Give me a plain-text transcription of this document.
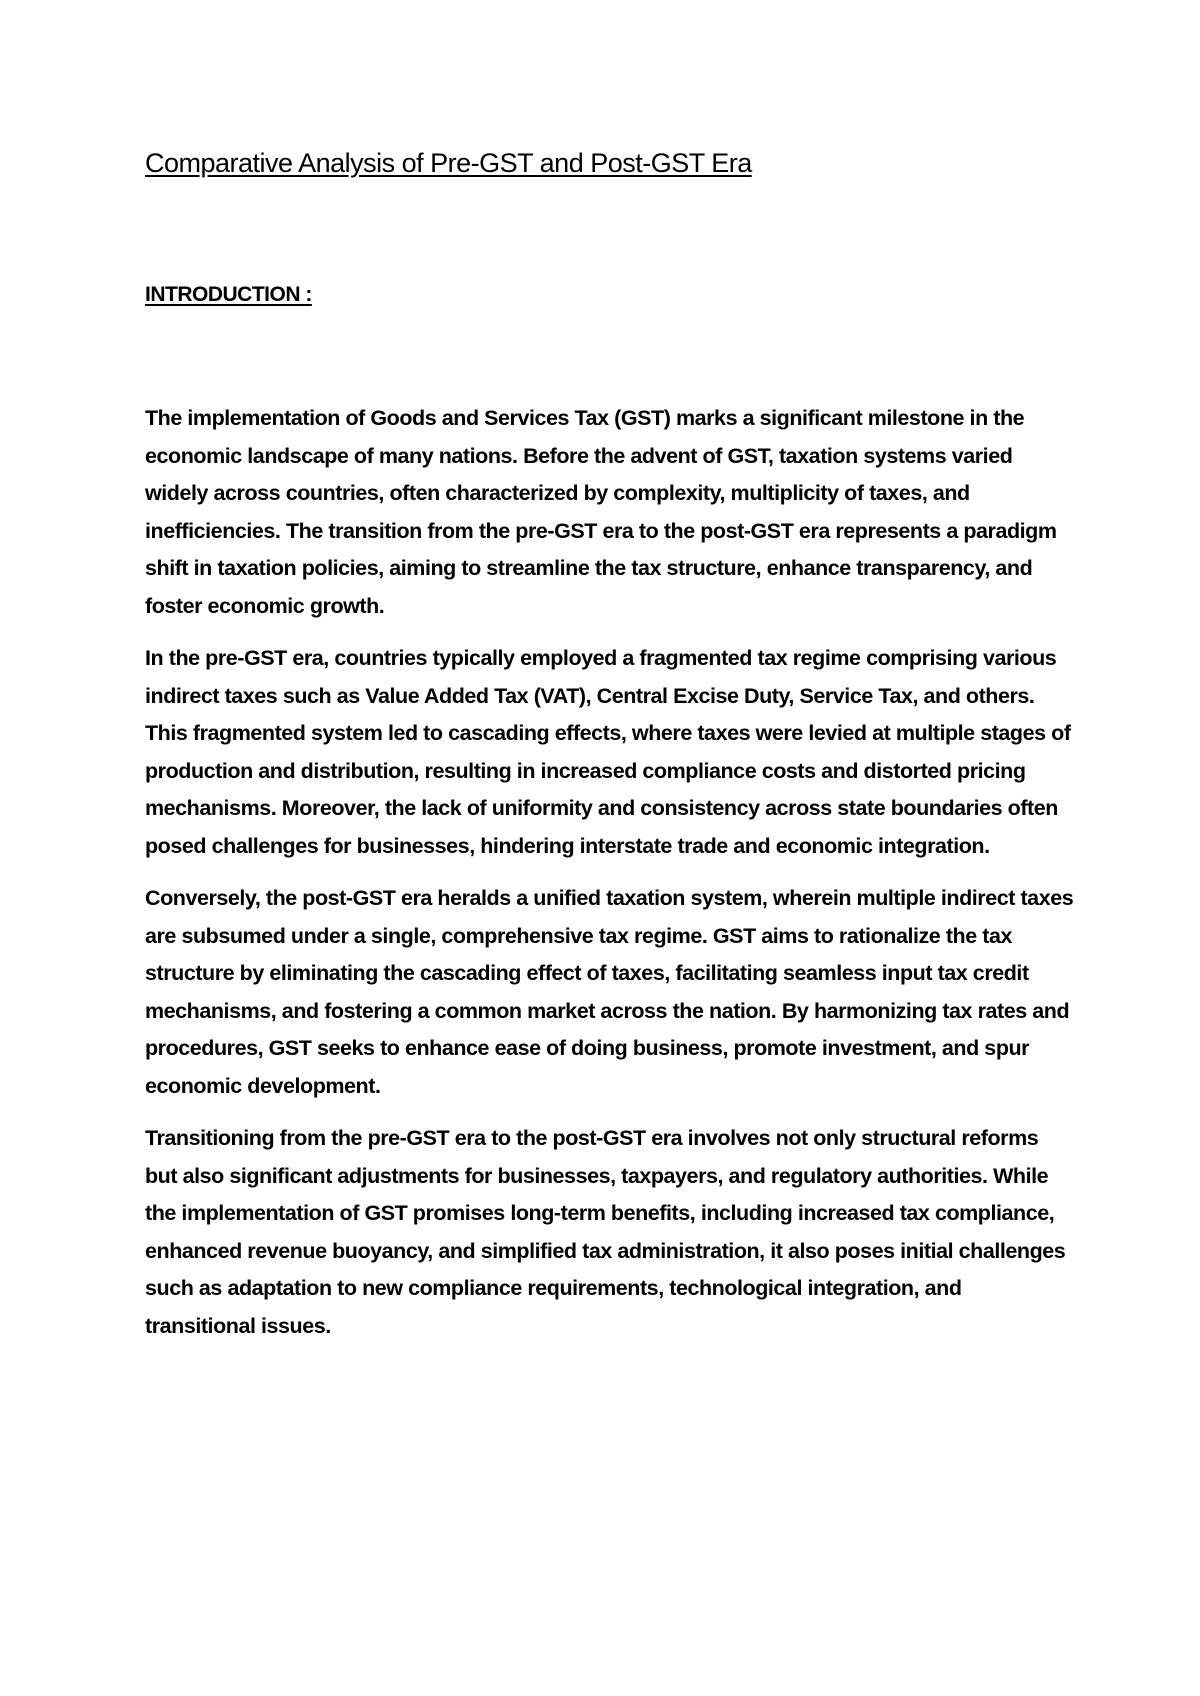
Comparative Analysis of Pre-GST and Post-GST Era
INTRODUCTION :

The implementation of Goods and Services Tax (GST) marks a significant milestone in the economic landscape of many nations. Before the advent of GST, taxation systems varied widely across countries, often characterized by complexity, multiplicity of taxes, and inefficiencies. The transition from the pre-GST era to the post-GST era represents a paradigm shift in taxation policies, aiming to streamline the tax structure, enhance transparency, and foster economic growth.

In the pre-GST era, countries typically employed a fragmented tax regime comprising various indirect taxes such as Value Added Tax (VAT), Central Excise Duty, Service Tax, and others. This fragmented system led to cascading effects, where taxes were levied at multiple stages of production and distribution, resulting in increased compliance costs and distorted pricing mechanisms. Moreover, the lack of uniformity and consistency across state boundaries often posed challenges for businesses, hindering interstate trade and economic integration.

Conversely, the post-GST era heralds a unified taxation system, wherein multiple indirect taxes are subsumed under a single, comprehensive tax regime. GST aims to rationalize the tax structure by eliminating the cascading effect of taxes, facilitating seamless input tax credit mechanisms, and fostering a common market across the nation. By harmonizing tax rates and procedures, GST seeks to enhance ease of doing business, promote investment, and spur economic development.

Transitioning from the pre-GST era to the post-GST era involves not only structural reforms but also significant adjustments for businesses, taxpayers, and regulatory authorities. While the implementation of GST promises long-term benefits, including increased tax compliance, enhanced revenue buoyancy, and simplified tax administration, it also poses initial challenges such as adaptation to new compliance requirements, technological integration, and transitional issues.
